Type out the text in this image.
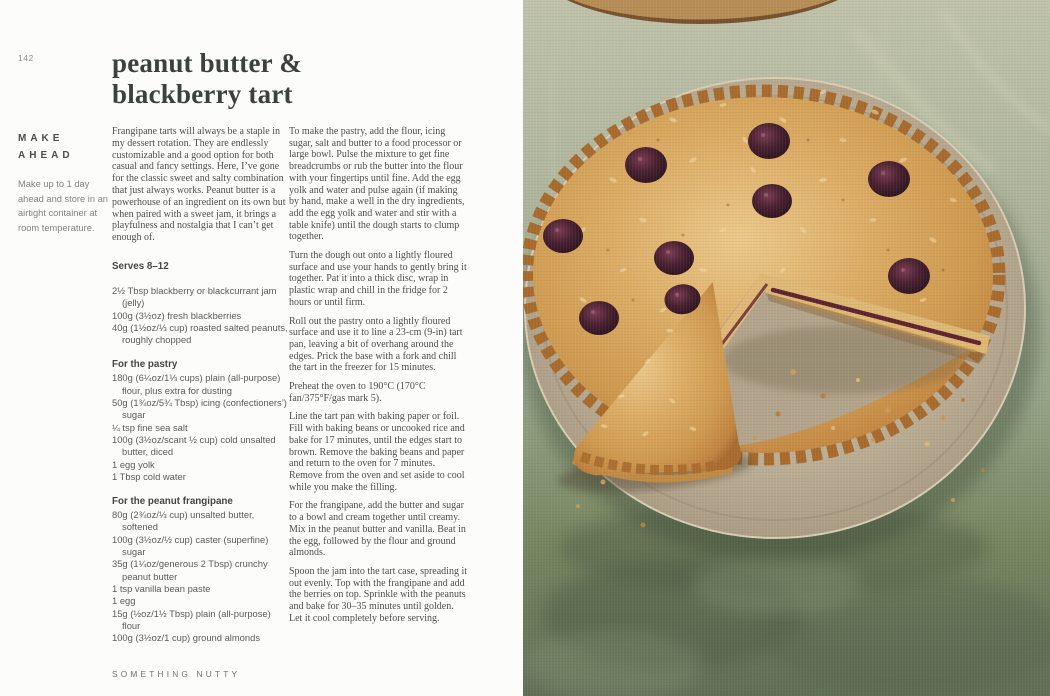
142	peanut butter &
blackberry tart
MAKE AHEAD
Make up to 1 day ahead and store in an airtight container at room temperature.

Frangipane tarts will always be a staple in my dessert rotation. They are endlessly customizable and a good option for both casual and fancy settings. Here, I’ve gone for the classic sweet and salty combination that just always works. Peanut butter is a powerhouse of an ingredient on its own but when paired with a sweet jam, it brings a playfulness and nostalgia that I can’t get enough of.

Serves 8–12
2½ Tbsp blackberry or blackcurrant jam (jelly)
100g (3½oz) fresh blackberries
40g (1½oz/⅓ cup) roasted salted peanuts, roughly chopped
For the pastry
180g (6¼oz/1⅓ cups) plain (all-purpose) flour, plus extra for dusting
50g (1¾oz/5¾ Tbsp) icing (confectioners’) sugar
¼ tsp fine sea salt
100g (3½oz/scant ½ cup) cold unsalted butter, diced
1 egg yolk
1 Tbsp cold water
For the peanut frangipane
80g (2¾oz/⅓ cup) unsalted butter, softened
100g (3½oz/½ cup) caster (superfine) sugar
35g (1¼oz/generous 2 Tbsp) crunchy peanut butter
1 tsp vanilla bean paste
1 egg
15g (½oz/1½ Tbsp) plain (all-purpose) flour
100g (3½oz/1 cup) ground almonds

To make the pastry, add the flour, icing sugar, salt and butter to a food processor or large bowl. Pulse the mixture to get fine breadcrumbs or rub the butter into the flour with your fingertips until fine. Add the egg yolk and water and pulse again (if making by hand, make a well in the dry ingredients, add the egg yolk and water and stir with a table knife) until the dough starts to clump together.

Turn the dough out onto a lightly floured surface and use your hands to gently bring it together. Pat it into a thick disc, wrap in plastic wrap and chill in the fridge for 2 hours or until firm.

Roll out the pastry onto a lightly floured surface and use it to line a 23-cm (9-in) tart pan, leaving a bit of overhang around the edges. Prick the base with a fork and chill the tart in the freezer for 15 minutes.

Preheat the oven to 190°C (170°C fan/375°F/gas mark 5).

Line the tart pan with baking paper or foil. Fill with baking beans or uncooked rice and bake for 17 minutes, until the edges start to brown. Remove the baking beans and paper and return to the oven for 7 minutes. Remove from the oven and set aside to cool while you make the filling.

For the frangipane, add the butter and sugar to a bowl and cream together until creamy. Mix in the peanut butter and vanilla. Beat in the egg, followed by the flour and ground almonds.

Spoon the jam into the tart case, spreading it out evenly. Top with the frangipane and add the berries on top. Sprinkle with the peanuts and bake for 30–35 minutes until golden. Let it cool completely before serving.

SOMETHING NUTTY
